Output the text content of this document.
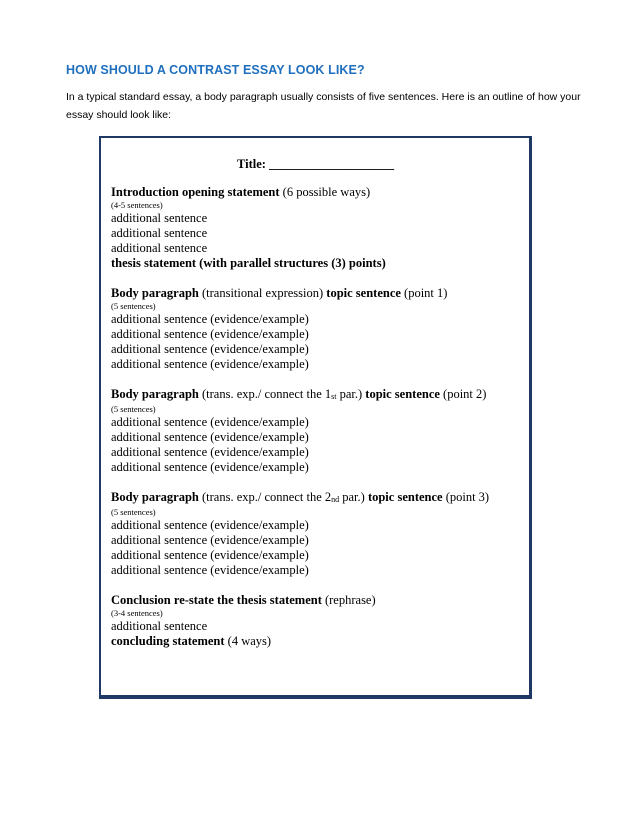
HOW SHOULD A CONTRAST ESSAY LOOK LIKE?

In a typical standard essay, a body paragraph usually consists of five sentences. Here is an outline of how your essay should look like:

Title: ____________________
Introduction opening statement (6 possible ways)
(4-5 sentences)
additional sentence
additional sentence
additional sentence
thesis statement (with parallel structures (3) points)
Body paragraph (transitional expression) topic sentence (point 1)
(5 sentences)
additional sentence (evidence/example)
additional sentence (evidence/example)
additional sentence (evidence/example)
additional sentence (evidence/example)
Body paragraph (trans. exp./ connect the 1st par.) topic sentence (point 2)
(5 sentences)
additional sentence (evidence/example)
additional sentence (evidence/example)
additional sentence (evidence/example)
additional sentence (evidence/example)
Body paragraph (trans. exp./ connect the 2nd par.) topic sentence (point 3)
(5 sentences)
additional sentence (evidence/example)
additional sentence (evidence/example)
additional sentence (evidence/example)
additional sentence (evidence/example)
Conclusion re-state the thesis statement (rephrase)
(3-4 sentences)
additional sentence
concluding statement (4 ways)
